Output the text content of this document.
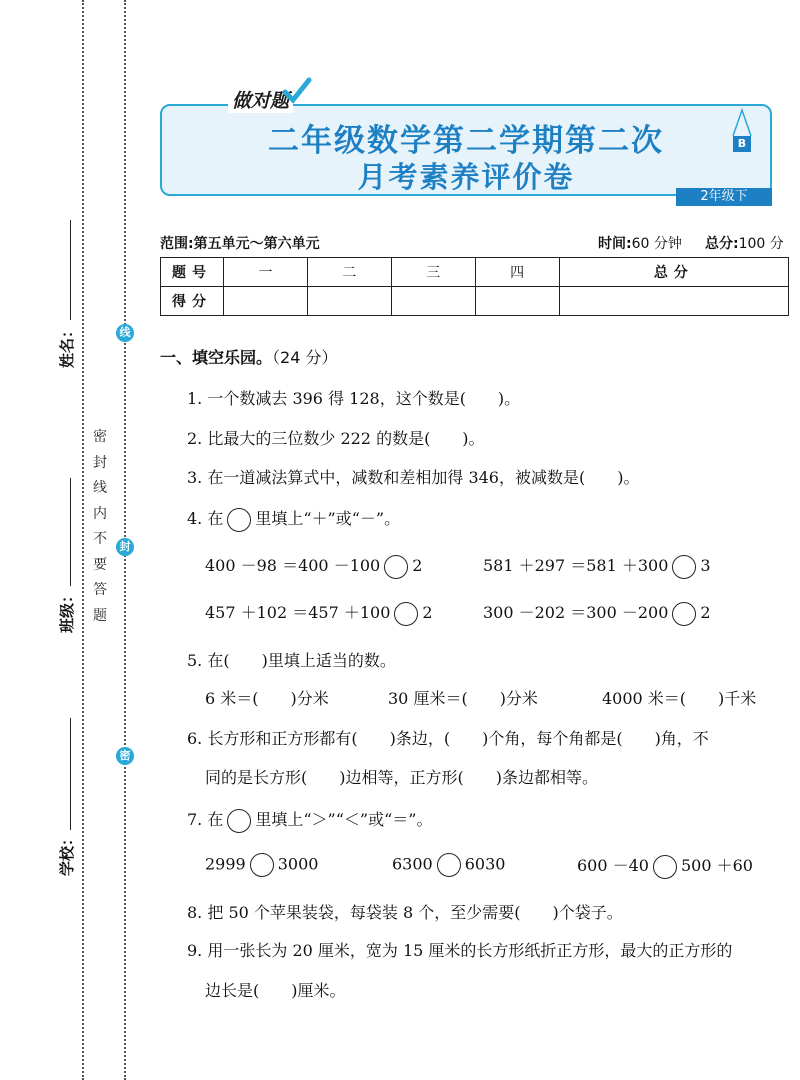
姓名：
班级：
学校：
线
封
密
密封线内不要答题
做对题
二年级数学第二学期第二次
月考素养评价卷
B
2年级下
范围:第五单元～第六单元	时间:60 分钟 总分:100 分
题号	一	二	三	四	总分
得分					
一、填空乐园。（24 分）
1. 一个数减去 396 得 128，这个数是(　　)。
2. 比最大的三位数少 222 的数是(　　)。
3. 在一道减法算式中，减数和差相加得 346，被减数是(　　)。
4. 在 里填上“＋”或“－”。
400 －98 ＝400 －100 2	581 ＋297 ＝581 ＋300 3
457 ＋102 ＝457 ＋100 2	300 －202 ＝300 －200 2
5. 在(　　)里填上适当的数。
6 米＝(　　)分米	30 厘米＝(　　)分米	4000 米＝(　　)千米
6. 长方形和正方形都有(　　)条边，(　　)个角，每个角都是(　　)角，不
同的是长方形(　　)边相等，正方形(　　)条边都相等。
7. 在 里填上“＞”“＜”或“＝”。
2999 3000	6300 6030	600 －40 500 ＋60
8. 把 50 个苹果装袋，每袋装 8 个，至少需要(　　)个袋子。
9. 用一张长为 20 厘米，宽为 15 厘米的长方形纸折正方形，最大的正方形的
边长是(　　)厘米。
